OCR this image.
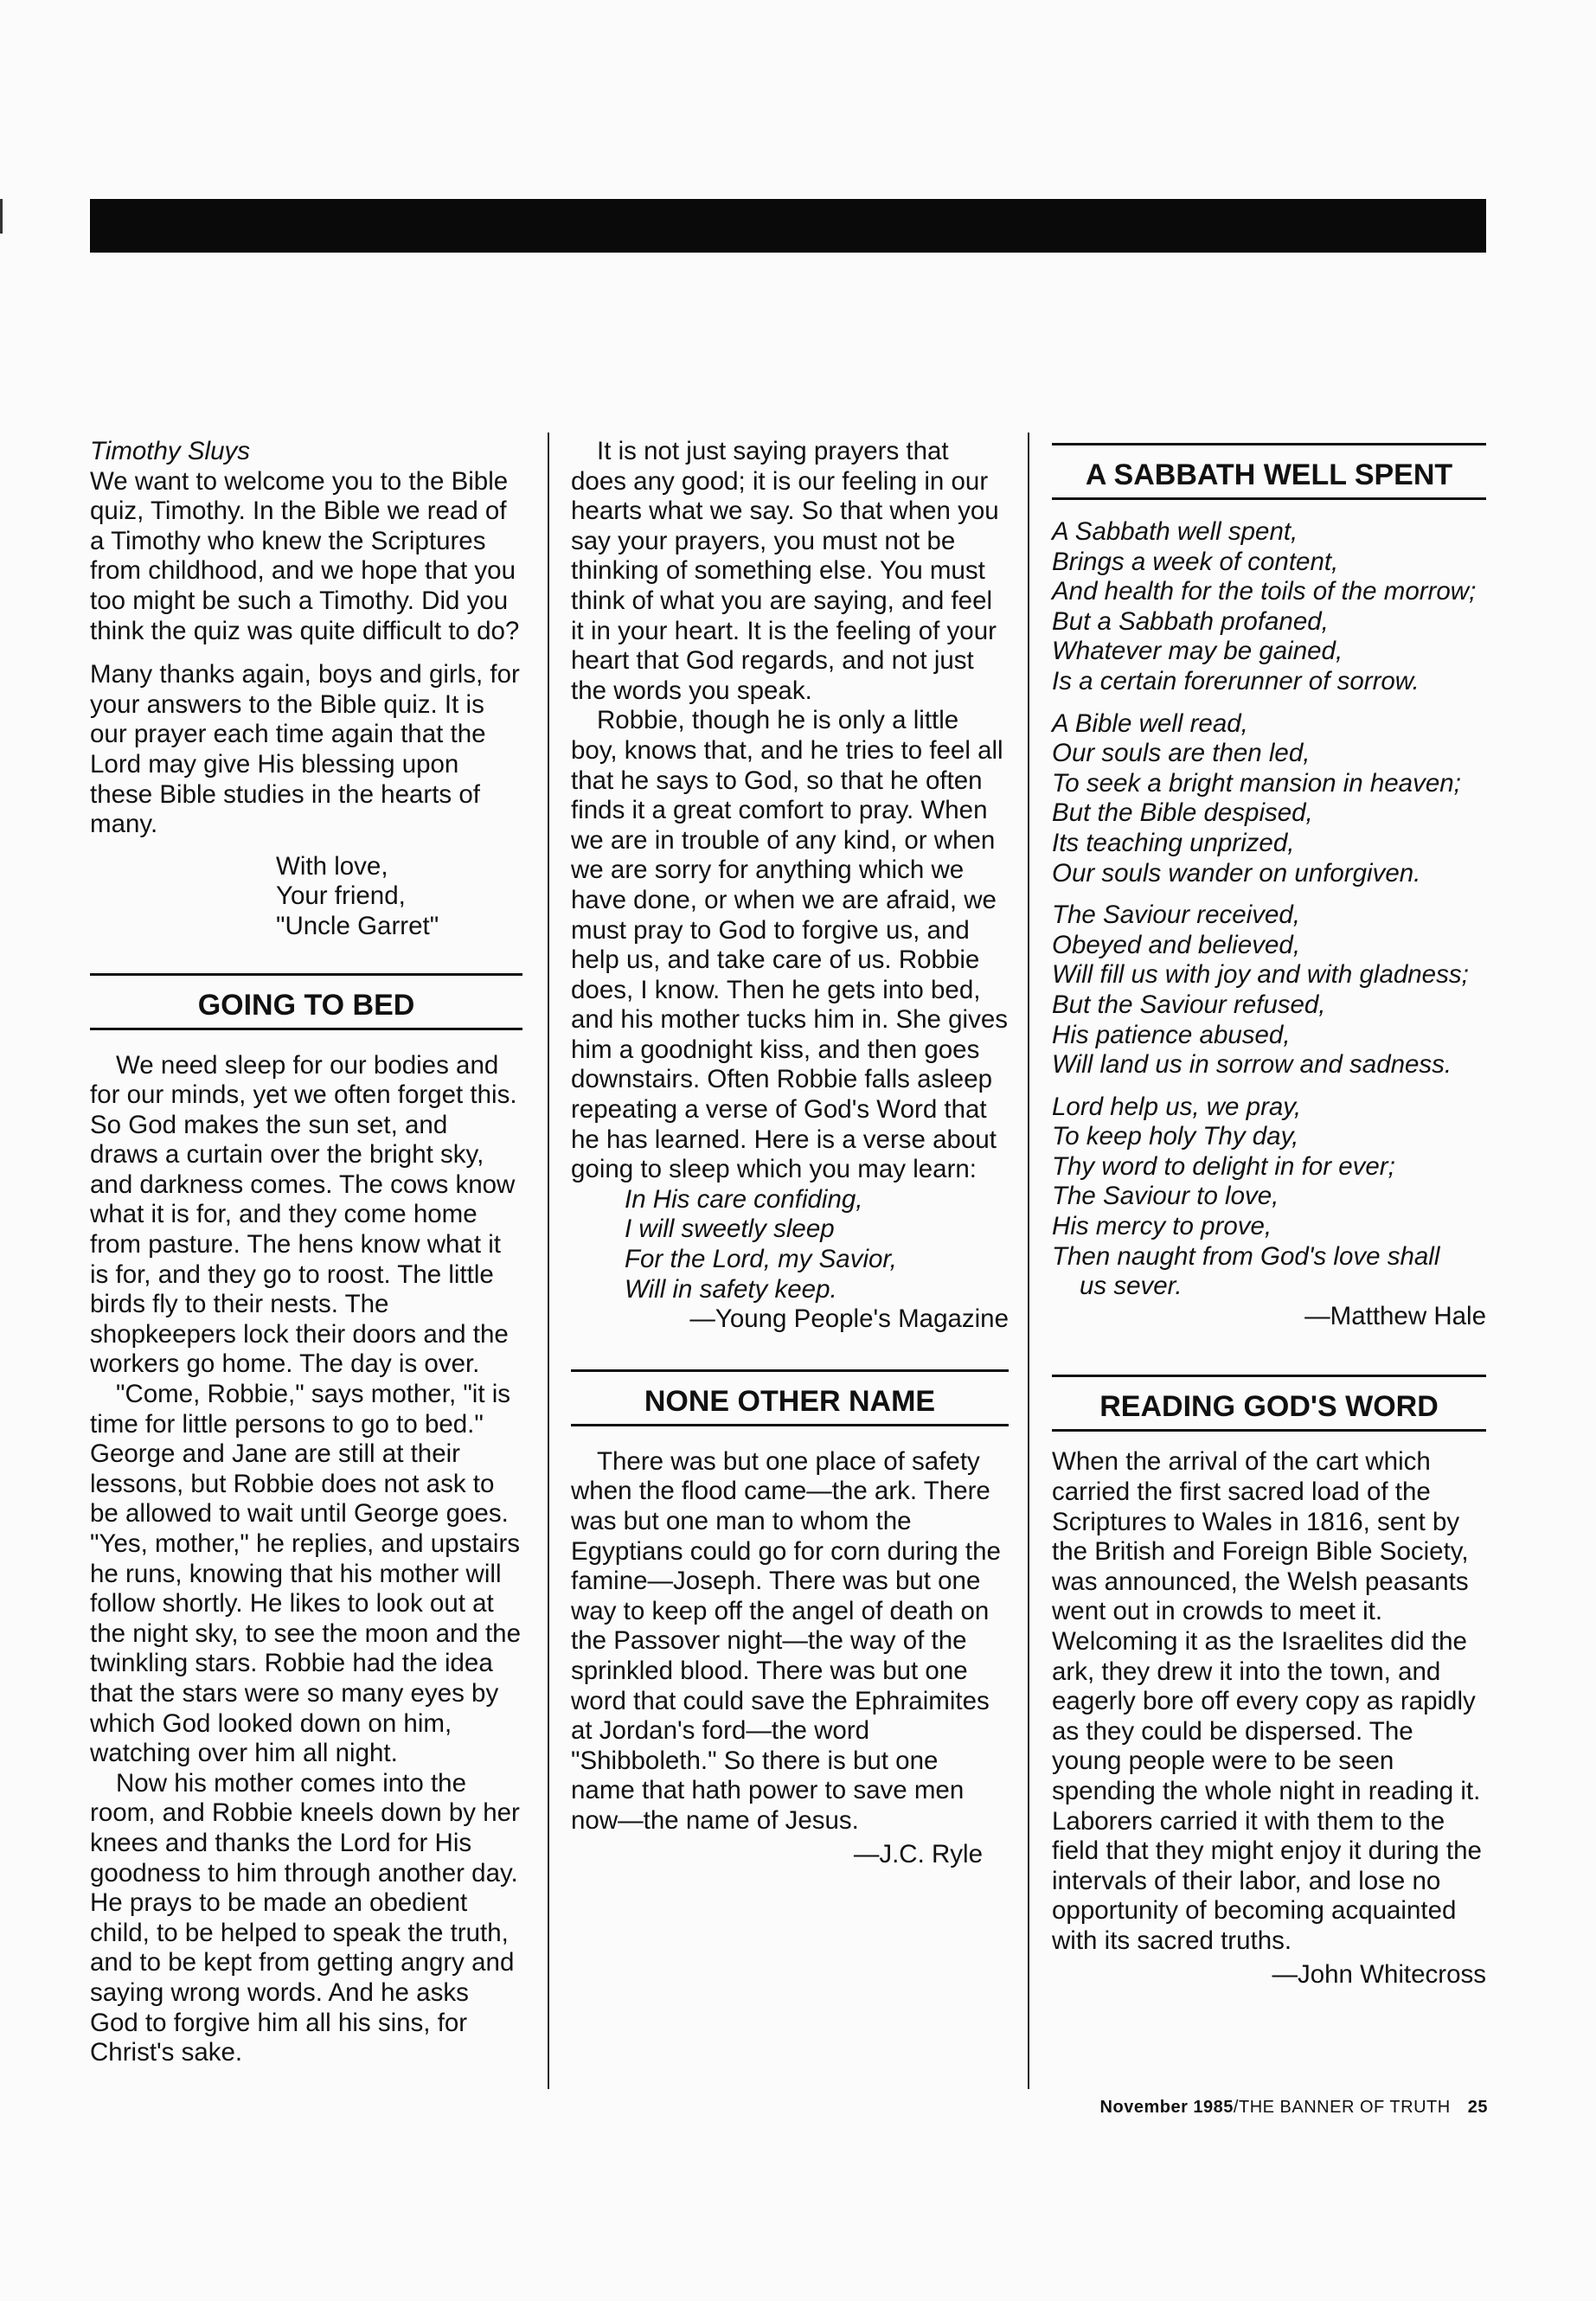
Timothy Sluys

We want to welcome you to the Bible quiz, Timothy. In the Bible we read of a Timothy who knew the Scriptures from childhood, and we hope that you too might be such a Timothy. Did you think the quiz was quite difficult to do?

Many thanks again, boys and girls, for your answers to the Bible quiz. It is our prayer each time again that the Lord may give His blessing upon these Bible studies in the hearts of many.

With love,
Your friend,
"Uncle Garret"
GOING TO BED

We need sleep for our bodies and for our minds, yet we often forget this. So God makes the sun set, and draws a curtain over the bright sky, and darkness comes. The cows know what it is for, and they come home from pasture. The hens know what it is for, and they go to roost. The little birds fly to their nests. The shopkeepers lock their doors and the workers go home. The day is over.

"Come, Robbie," says mother, "it is time for little persons to go to bed." George and Jane are still at their lessons, but Robbie does not ask to be allowed to wait until George goes. "Yes, mother," he replies, and upstairs he runs, knowing that his mother will follow shortly. He likes to look out at the night sky, to see the moon and the twinkling stars. Robbie had the idea that the stars were so many eyes by which God looked down on him, watching over him all night.

Now his mother comes into the room, and Robbie kneels down by her knees and thanks the Lord for His goodness to him through another day. He prays to be made an obedient child, to be helped to speak the truth, and to be kept from getting angry and saying wrong words. And he asks God to forgive him all his sins, for Christ's sake.

It is not just saying prayers that does any good; it is our feeling in our hearts what we say. So that when you say your prayers, you must not be thinking of something else. You must think of what you are saying, and feel it in your heart. It is the feeling of your heart that God regards, and not just the words you speak.

Robbie, though he is only a little boy, knows that, and he tries to feel all that he says to God, so that he often finds it a great comfort to pray. When we are in trouble of any kind, or when we are sorry for anything which we have done, or when we are afraid, we must pray to God to forgive us, and help us, and take care of us. Robbie does, I know. Then he gets into bed, and his mother tucks him in. She gives him a goodnight kiss, and then goes downstairs. Often Robbie falls asleep repeating a verse of God's Word that he has learned. Here is a verse about going to sleep which you may learn:

In His care confiding,
I will sweetly sleep
For the Lord, my Savior,
Will in safety keep.

—Young People's Magazine

NONE OTHER NAME

There was but one place of safety when the flood came—the ark. There was but one man to whom the Egyptians could go for corn during the famine—Joseph. There was but one way to keep off the angel of death on the Passover night—the way of the sprinkled blood. There was but one word that could save the Ephraimites at Jordan's ford—the word "Shibboleth." So there is but one name that hath power to save men now—the name of Jesus.

—J.C. Ryle

A SABBATH WELL SPENT

A Sabbath well spent,

Brings a week of content,

And health for the toils of the morrow;

But a Sabbath profaned,

Whatever may be gained,

Is a certain forerunner of sorrow.

A Bible well read,

Our souls are then led,

To seek a bright mansion in heaven;

But the Bible despised,

Its teaching unprized,

Our souls wander on unforgiven.

The Saviour received,

Obeyed and believed,

Will fill us with joy and with gladness;

But the Saviour refused,

His patience abused,

Will land us in sorrow and sadness.

Lord help us, we pray,

To keep holy Thy day,

Thy word to delight in for ever;

The Saviour to love,

His mercy to prove,

Then naught from God's love shall

us sever.

—Matthew Hale

READING GOD'S WORD

When the arrival of the cart which carried the first sacred load of the Scriptures to Wales in 1816, sent by the British and Foreign Bible Society, was announced, the Welsh peasants went out in crowds to meet it. Welcoming it as the Israelites did the ark, they drew it into the town, and eagerly bore off every copy as rapidly as they could be dispersed. The young people were to be seen spending the whole night in reading it. Laborers carried it with them to the field that they might enjoy it during the intervals of their labor, and lose no opportunity of becoming acquainted with its sacred truths.

—John Whitecross

November 1985/THE BANNER OF TRUTH 25
